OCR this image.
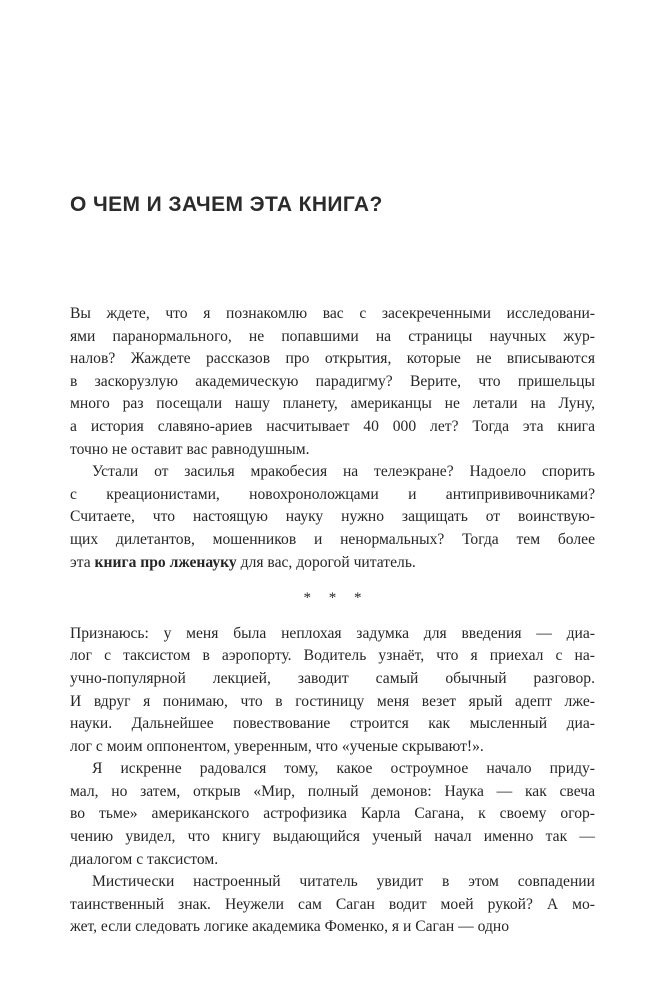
О ЧЕМ И ЗАЧЕМ ЭТА КНИГА?
Вы ждете, что я познакомлю вас с засекреченными исследовани-
ями паранормального, не попавшими на страницы научных жур-
налов? Жаждете рассказов про открытия, которые не вписываются
в заскорузлую академическую парадигму? Верите, что пришельцы
много раз посещали нашу планету, американцы не летали на Луну,
а история славяно-ариев насчитывает 40 000 лет? Тогда эта книга
точно не оставит вас равнодушным.
Устали от засилья мракобесия на телеэкране? Надоело спорить
с креационистами, новохроноложцами и антипрививочниками?
Считаете, что настоящую науку нужно защищать от воинствую-
щих дилетантов, мошенников и ненормальных? Тогда тем более
эта книга про лженауку для вас, дорогой читатель.
* * *
Признаюсь: у меня была неплохая задумка для введения — диа-
лог с таксистом в аэропорту. Водитель узнаёт, что я приехал с на-
учно-популярной лекцией, заводит самый обычный разговор.
И вдруг я понимаю, что в гостиницу меня везет ярый адепт лже-
науки. Дальнейшее повествование строится как мысленный диа-
лог с моим оппонентом, уверенным, что «ученые скрывают!».
Я искренне радовался тому, какое остроумное начало приду-
мал, но затем, открыв «Мир, полный демонов: Наука — как свеча
во тьме» американского астрофизика Карла Сагана, к своему огор-
чению увидел, что книгу выдающийся ученый начал именно так —
диалогом с таксистом.
Мистически настроенный читатель увидит в этом совпадении
таинственный знак. Неужели сам Саган водит моей рукой? А мо-
жет, если следовать логике академика Фоменко, я и Саган — одно
